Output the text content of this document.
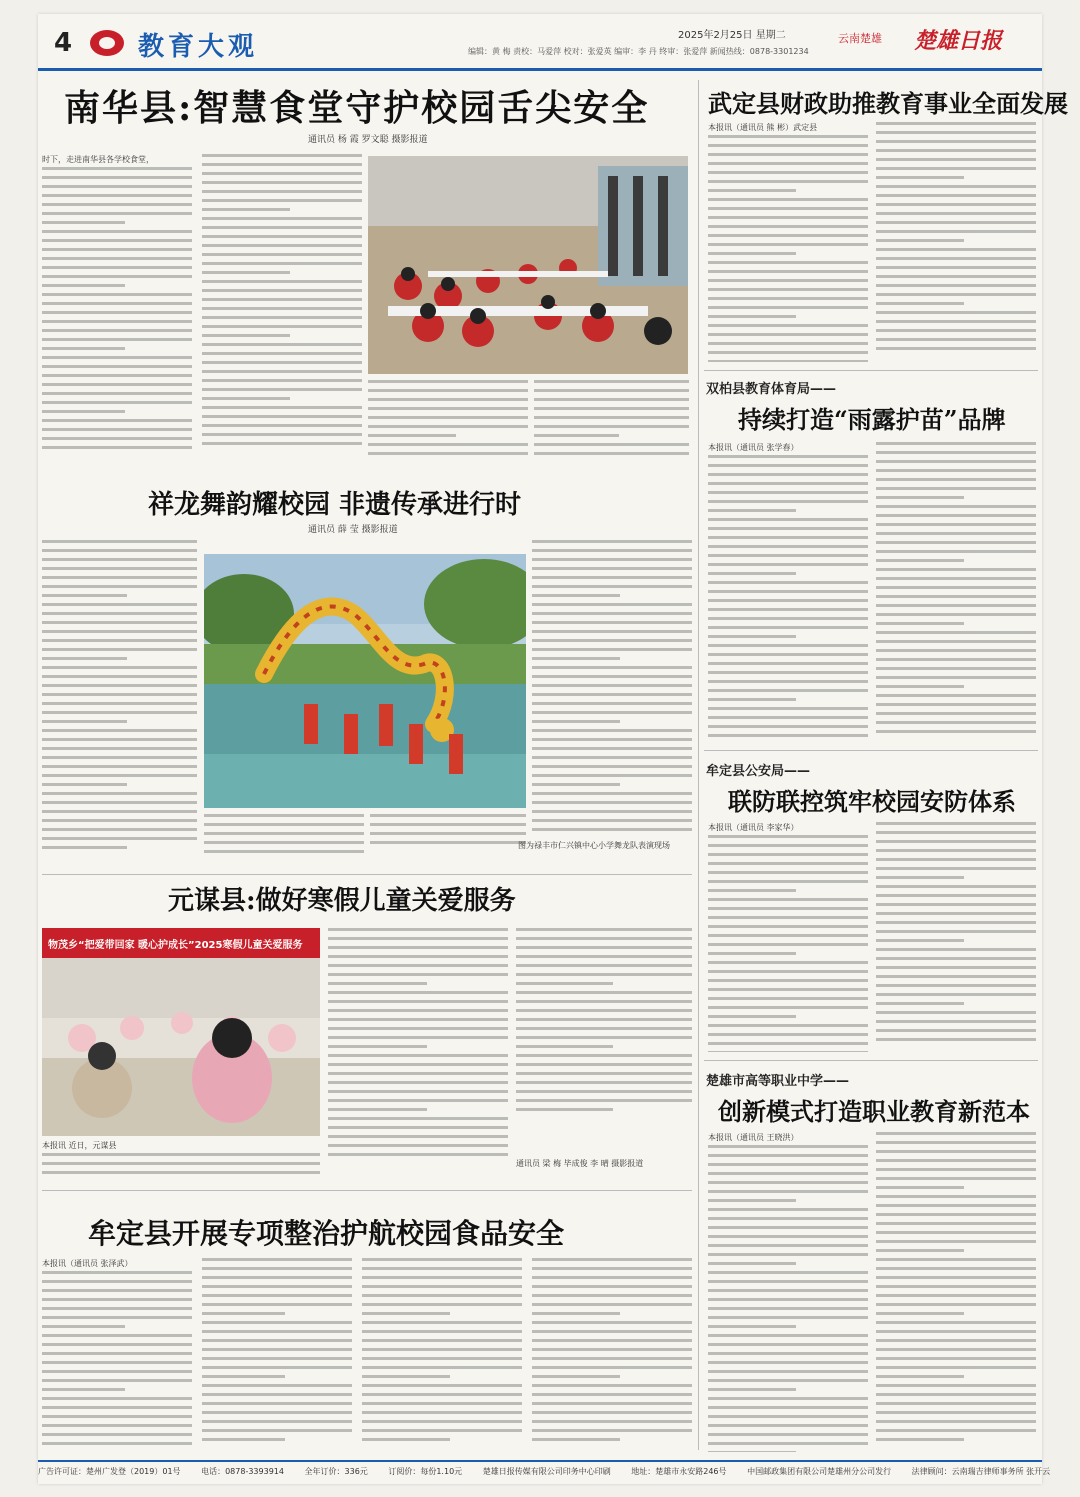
4	教育大观	2025年2月25日 星期二
编辑：黄 梅 责校：马爱萍 校对：张爱英 编审：李 丹 终审：张爱萍 新闻热线：0878-3301234
云南楚雄 楚雄日报
南华县:智慧食堂守护校园舌尖安全
通讯员 杨 霞 罗文聪 摄影报道
时下，走进南华县各学校食堂，
武定县财政助推教育事业全面发展
本报讯（通讯员 熊 彬）武定县
双柏县教育体育局——
持续打造“雨露护苗”品牌
本报讯（通讯员 张学春）
祥龙舞韵耀校园 非遗传承进行时
通讯员 薛 莹 摄影报道
图为禄丰市仁兴镇中心小学舞龙队表演现场
牟定县公安局——
联防联控筑牢校园安防体系
本报讯（通讯员 李家华）
元谋县:做好寒假儿童关爱服务
物茂乡“把爱带回家 暖心护成长”2025寒假儿童关爱服务
本报讯 近日，元谋县
通讯员 梁 梅 毕成俊 李 晴 摄影报道
楚雄市高等职业中学——
创新模式打造职业教育新范本
本报讯（通讯员 王晓洪）
牟定县开展专项整治护航校园食品安全
本报讯（通讯员 张泽武）
广告许可证：楚州广发登（2019）01号	电话：0878-3393914	全年订价：336元	订阅价：每份1.10元	楚雄日报传媒有限公司印务中心印刷	地址：楚雄市永安路246号	中国邮政集团有限公司楚雄州分公司发行	法律顾问：云南瑞吉律师事务所 张开云
